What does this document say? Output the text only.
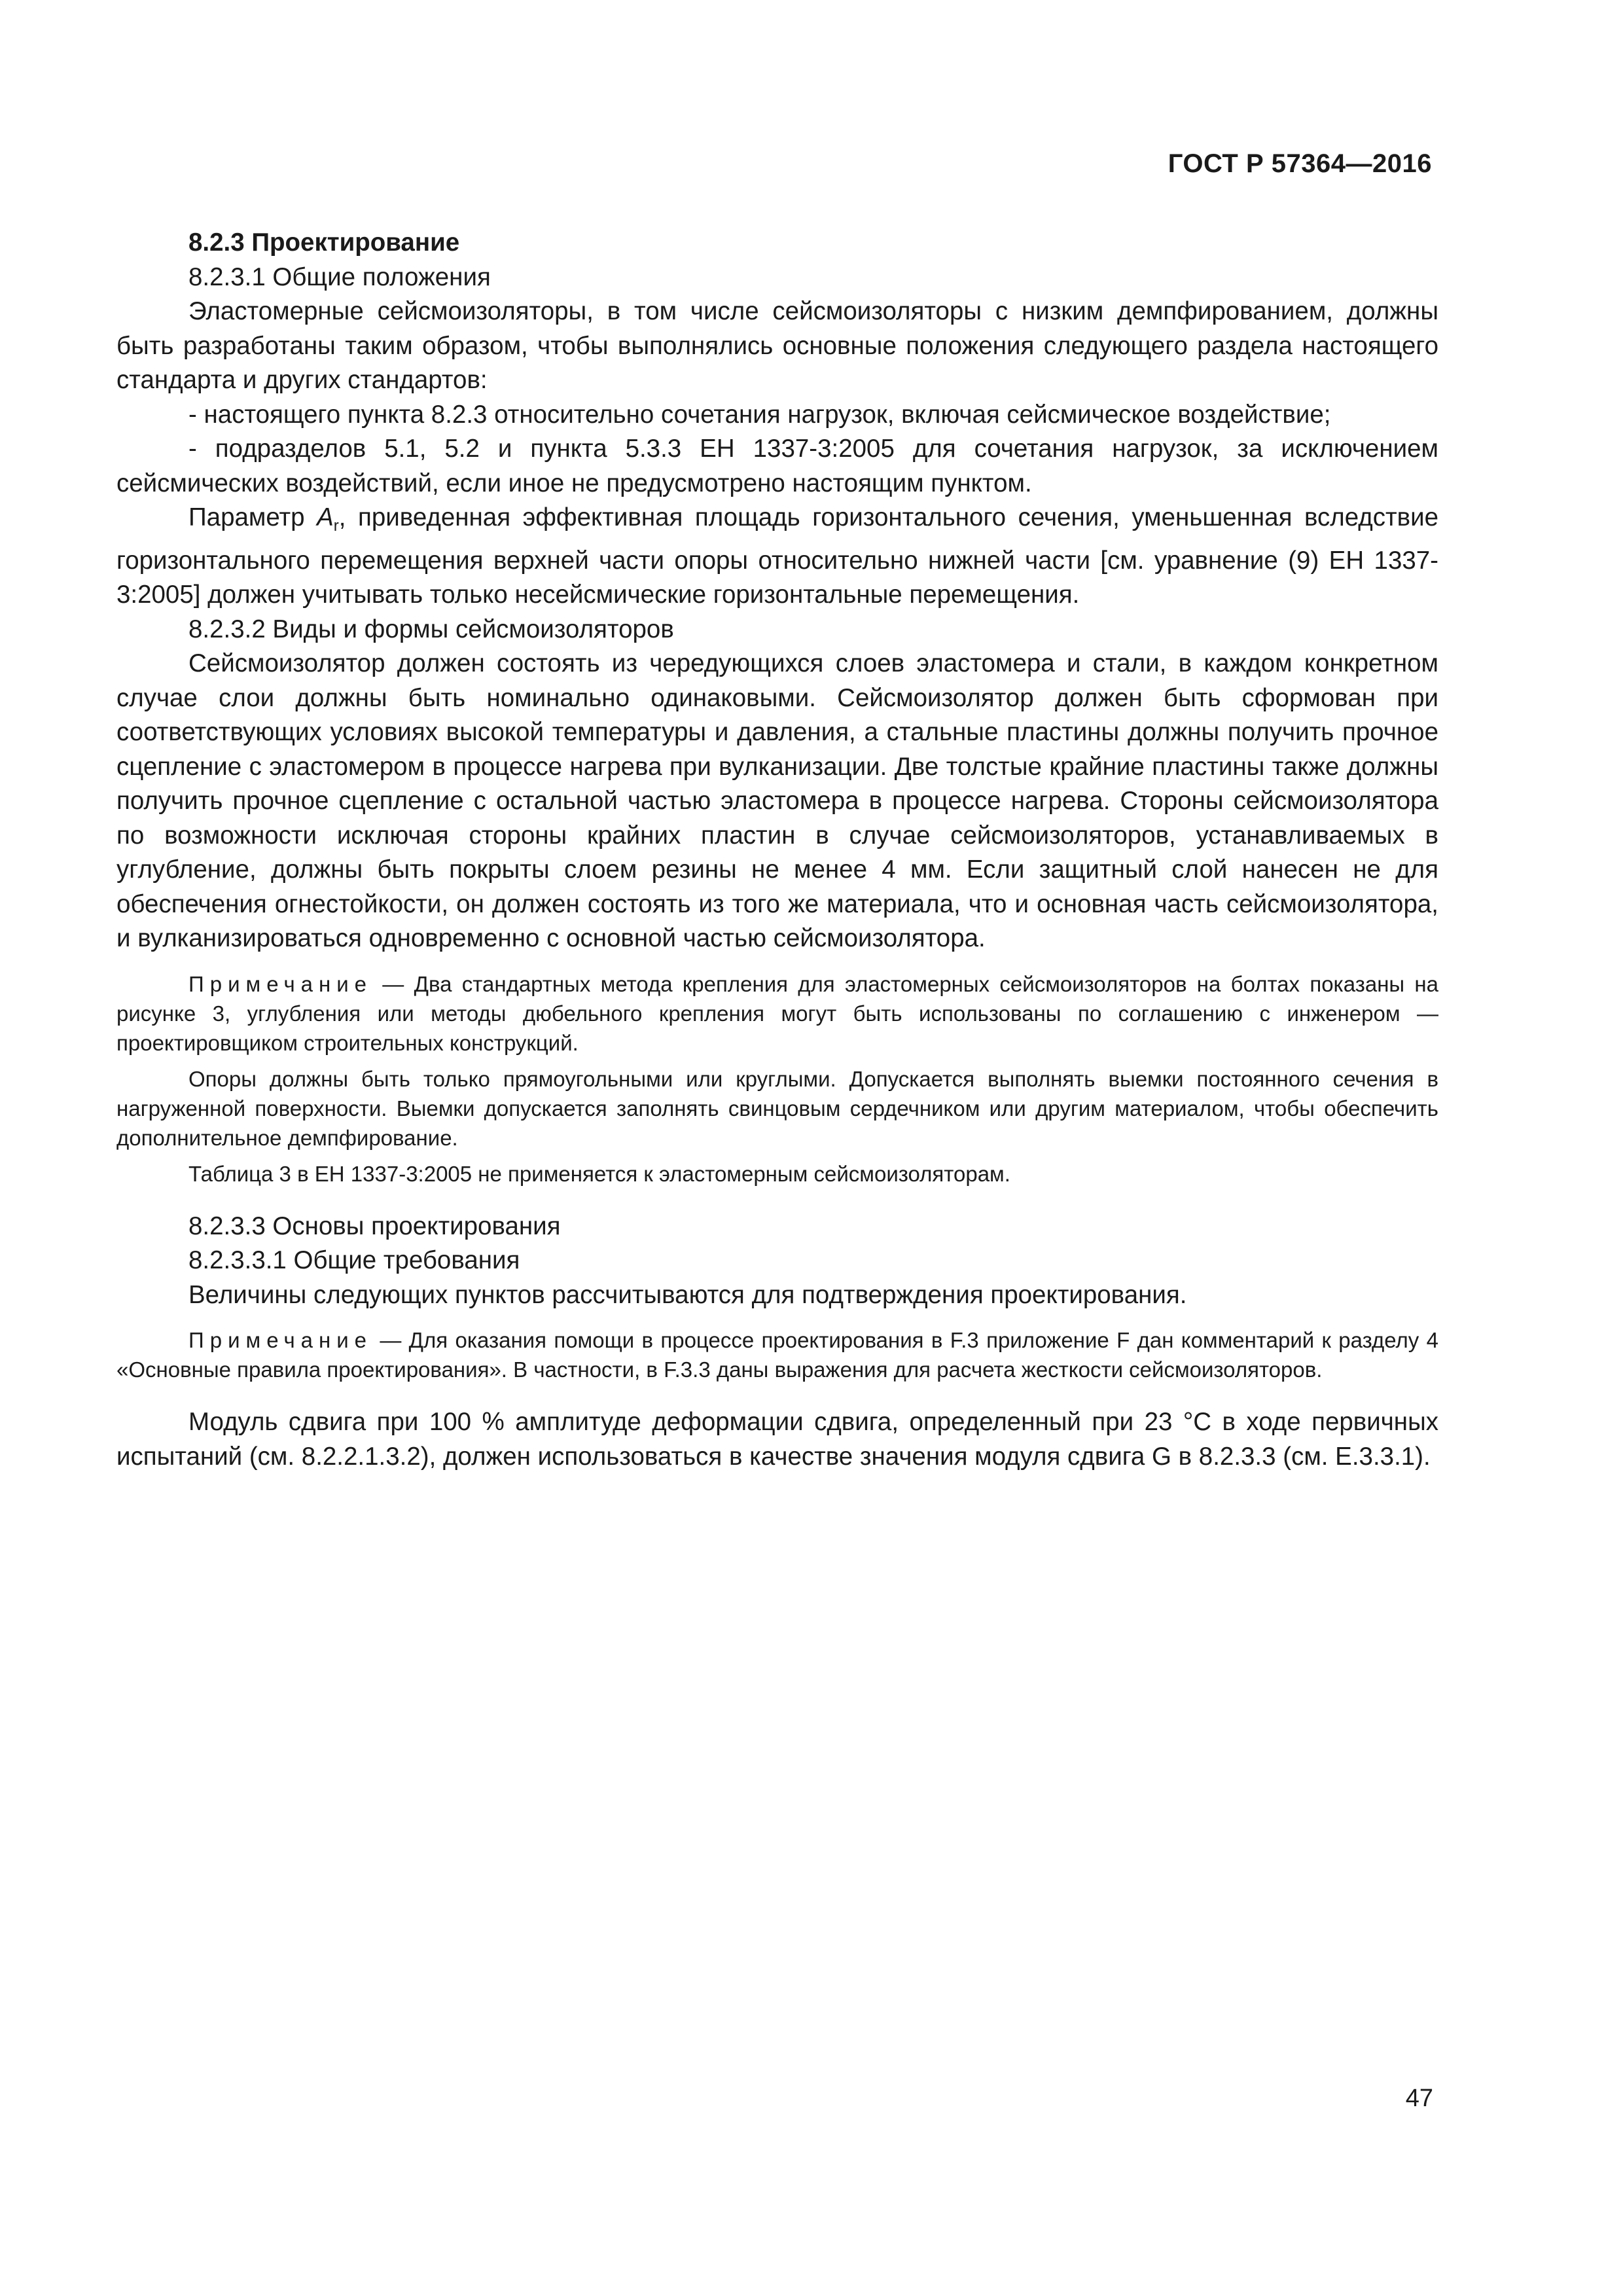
ГОСТ Р 57364—2016

8.2.3 Проектирование

8.2.3.1 Общие положения

Эластомерные сейсмоизоляторы, в том числе сейсмоизоляторы с низким демпфированием, должны быть разработаны таким образом, чтобы выполнялись основные положения следующего раздела настоящего стандарта и других стандартов:

- настоящего пункта 8.2.3 относительно сочетания нагрузок, включая сейсмическое воздействие;

- подразделов 5.1, 5.2 и пункта 5.3.3 ЕН 1337-3:2005 для сочетания нагрузок, за исключением сейсмических воздействий, если иное не предусмотрено настоящим пунктом.

Параметр $A_r$, приведенная эффективная площадь горизонтального сечения, уменьшенная вследствие горизонтального перемещения верхней части опоры относительно нижней части [см. уравнение (9) ЕН 1337-3:2005] должен учитывать только несейсмические горизонтальные перемещения.

8.2.3.2 Виды и формы сейсмоизоляторов

Сейсмоизолятор должен состоять из чередующихся слоев эластомера и стали, в каждом конкретном случае слои должны быть номинально одинаковыми. Сейсмоизолятор должен быть сформован при соответствующих условиях высокой температуры и давления, а стальные пластины должны получить прочное сцепление с эластомером в процессе нагрева при вулканизации. Две толстые крайние пластины также должны получить прочное сцепление с остальной частью эластомера в процессе нагрева. Стороны сейсмоизолятора по возможности исключая стороны крайних пластин в случае сейсмоизоляторов, устанавливаемых в углубление, должны быть покрыты слоем резины не менее 4 мм. Если защитный слой нанесен не для обеспечения огнестойкости, он должен состоять из того же материала, что и основная часть сейсмоизолятора, и вулканизироваться одновременно с основной частью сейсмоизолятора.

Примечание — Два стандартных метода крепления для эластомерных сейсмоизоляторов на болтах показаны на рисунке 3, углубления или методы дюбельного крепления могут быть использованы по соглашению с инженером — проектировщиком строительных конструкций.

Опоры должны быть только прямоугольными или круглыми. Допускается выполнять выемки постоянного сечения в нагруженной поверхности. Выемки допускается заполнять свинцовым сердечником или другим материалом, чтобы обеспечить дополнительное демпфирование.

Таблица 3 в ЕН 1337-3:2005 не применяется к эластомерным сейсмоизоляторам.

8.2.3.3 Основы проектирования

8.2.3.3.1 Общие требования

Величины следующих пунктов рассчитываются для подтверждения проектирования.

Примечание — Для оказания помощи в процессе проектирования в F.3 приложение F дан комментарий к разделу 4 «Основные правила проектирования». В частности, в F.3.3 даны выражения для расчета жесткости сейсмоизоляторов.

Модуль сдвига при 100 % амплитуде деформации сдвига, определенный при 23 °С в ходе первичных испытаний (см. 8.2.2.1.3.2), должен использоваться в качестве значения модуля сдвига G в 8.2.3.3 (см. Е.3.3.1).

47
